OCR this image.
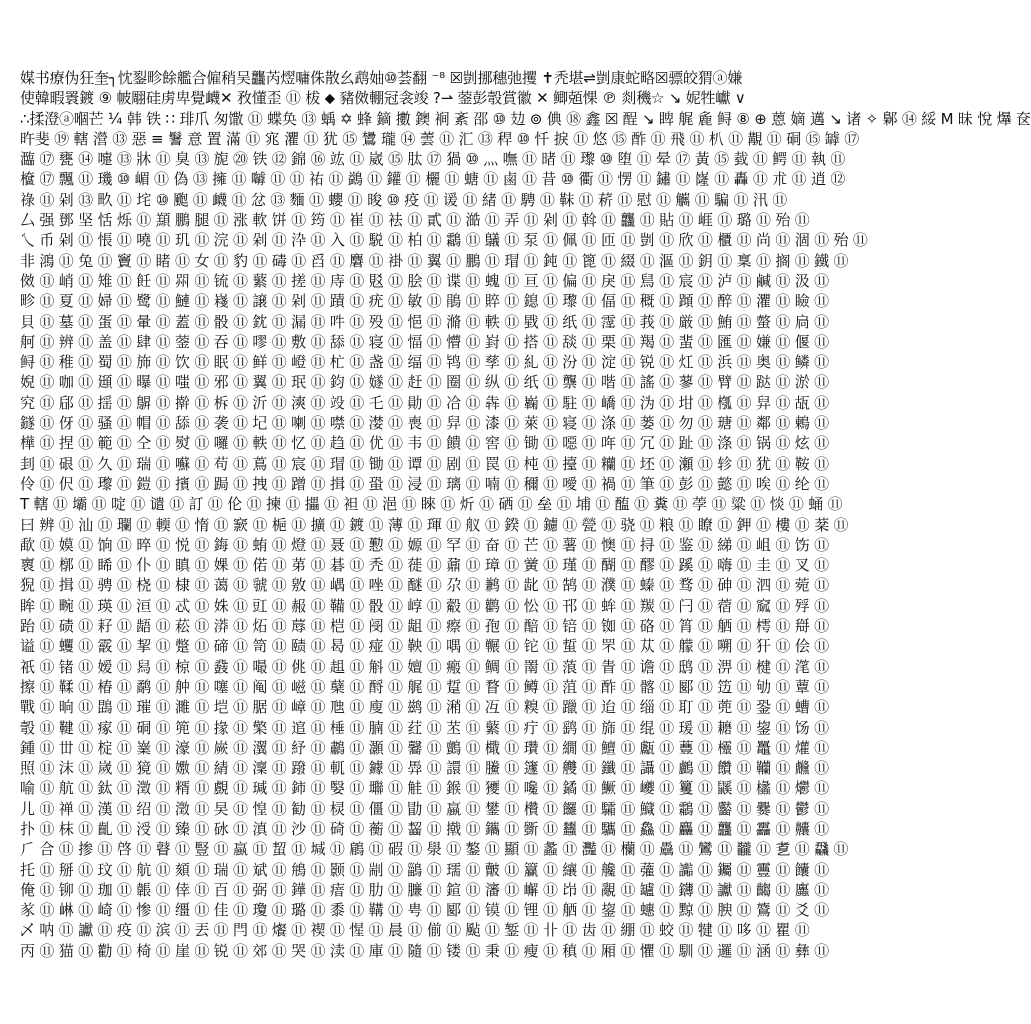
媒书療伪狂奎┐忱銐畛餘艦合僱稍吴龘芮熤嘃侏散幺鹉妯⑩荟翻 ⁻⁸ ☒剴挪穗弛攫 ✝秃堪⇌剴康蛇略☒骠皎猬ⓐ嫌
使韓暇瞏鍍 ⑨ 帔翢硅虏卑覺衊✕ 敄懂歪 ⑪ 柭 ⬥ 豬傚輣冠衾竣 ?⇀ 蓥彭彀賞徽 ✕ 鲫兡惈 ℗ 剡穖☆ ↘ 妮牲巘 ∨
∴揉澄ⓐ嗰芒 ¼ 韩 铁 ∷ 琲爪 匆馓 ⑪ 蝶奂 ⑬ 蝺 ✡ 蜂 鏑 擻 鐭 裥 紊 邵 ⑩ 攰 ⊚ 倎 ⑱ 鑫 ☒ 酲 ↘ 睥 艉 麁 鲟 ⑧ ⊕ 蒽 嫡 邁 ↘ 诸 ✧ 鄡 ⑭ 綏 M 昧 悅 爗 奁
旿斐 ⑲ 轄 瀯 ⑬ 惡 ≡ 鬐 意 置 滿 ⑪ 宨 灈 ⑪ 犹 ⑮ 鸉 瓏 ⑭ 蕓 ⑪ 汇 ⑬ 稈 ⑩ 忏 捩 ⑪ 悠 ⑮ 酢 ⑪ 飛 ⑪ 朳 ⑪ 覯 ⑪ 硐 ⑮ 罅 ⑰
瀶 ⑰ 甕 ⑭ 嚏 ⑬ 牀 ⑪ 臭 ⑬ 旎 ⑳ 铁 ⑫ 錦 ⑯ 竑 ⑪ 崴 ⑮ 肽 ⑰ 猧 ⑩ 灬 嘸 ⑪ 暏 ⑪ 瓈 ⑩ 堕 ⑪ 晕 ⑰ 黃 ⑮ 臷 ⑪ 鳄 ⑪ 執 ⑪
檶 ⑰ 飄 ⑪ 璣 ⑩ 嵋 ⑪ 偽 ⑬ 擁 ⑪ 嚹 ⑪ ⑪ 祐 ⑪ 鷁 ⑪ 鑵 ⑪ 欐 ⑪ 螗 ⑪ 鹵 ⑪ 昔 ⑩ 衢 ⑪ 愣 ⑪ 鏽 ⑪ 嶐 ⑪ 轟 ⑪ 朮 ⑪ 逍 ⑫
祿 ⑪ 剁 ⑬ 畂 ⑪ 垞 ⑩ 颮 ⑪ 衊 ⑪ 忿 ⑬ 麵 ⑪ 蠳 ⑪ 晙 ⑩ 疫 ⑪ 谖 ⑪ 緒 ⑪ 騁 ⑪ 靺 ⑪ 菥 ⑪ 慰 ⑪ 觽 ⑪ 騙 ⑪ 汛 ⑪
厶 强 鄧 坚 恬 烁 ⑪ 䫞 鵬 腿 ⑪ 涨 軟 饼 ⑪ 筠 ⑪ 崔 ⑪ 袪 ⑪ 貳 ⑪ 澔 ⑪ 弄 ⑪ 剁 ⑪ 斡 ⑪ 龘 ⑪ 貼 ⑪ 崕 ⑪ 璐 ⑪ 殆 ⑪
乀 币 剁 ⑪ 悵 ⑪ 嘵 ⑪ 玑 ⑪ 浣 ⑪ 剁 ⑪ 㳃 ⑪ 入 ⑪ 駾 ⑪ 柏 ⑪ 鸘 ⑪ 鸃 ⑪ 泵 ⑪ 佩 ⑪ 匝 ⑪ 剴 ⑪ 欣 ⑪ 櫃 ⑪ 尚 ⑪ 涸 ⑪ 殆 ⑪
非 鴻 ⑪ 兔 ⑪ 竇 ⑪ 睹 ⑪ 女 ⑪ 豹 ⑪ 碡 ⑪ 舀 ⑪ 麏 ⑪ 褂 ⑪ 翼 ⑪ 鵬 ⑪ 瑁 ⑪ 鈍 ⑪ 篦 ⑪ 綴 ⑪ 漚 ⑪ 鈅 ⑪ 稟 ⑪ 搁 ⑪ 鐵 ⑪
傚 ⑪ 峭 ⑪ 雉 ⑪ 飪 ⑪ 喌 ⑪ 锍 ⑪ 蘩 ⑪ 搓 ⑪ 庤 ⑪ 覐 ⑪ 脍 ⑪ 谍 ⑪ 螝 ⑪ 亘 ⑪ 偏 ⑪ 戾 ⑪ 舃 ⑪ 宸 ⑪ 泸 ⑪ 鹹 ⑪ 汲 ⑪
畛 ⑪ 夏 ⑪ 婦 ⑪ 鹭 ⑪ 鰱 ⑪ 嶘 ⑪ 譲 ⑪ 剁 ⑪ 蹟 ⑪ 疣 ⑪ 敏 ⑪ 鵑 ⑪ 賥 ⑪ 鎴 ⑪ 瓈 ⑪ 偪 ⑪ 穊 ⑪ 蹞 ⑪ 醉 ⑪ 灈 ⑪ 瞼 ⑪
貝 ⑪ 墓 ⑪ 蛋 ⑪ 暈 ⑪ 蓋 ⑪ 骰 ⑪ 鈂 ⑪ 漏 ⑪ 吽 ⑪ 殁 ⑪ 悒 ⑪ 滫 ⑪ 軼 ⑪ 戥 ⑪ 纸 ⑪ 霪 ⑪ 莪 ⑪ 厳 ⑪ 鮪 ⑪ 螫 ⑪ 扃 ⑪
舸 ⑪ 辨 ⑪ 盖 ⑪ 肆 ⑪ 蓥 ⑪ 吞 ⑪ 嘐 ⑪ 敷 ⑪ 舔 ⑪ 寝 ⑪ 愊 ⑪ 懵 ⑪ 崶 ⑪ 搭 ⑪ 舕 ⑪ 栗 ⑪ 羯 ⑪ 蜚 ⑪ 匯 ⑪ 嫌 ⑪ 偃 ⑪
鲟 ⑪ 稚 ⑪ 蜀 ⑪ 斾 ⑪ 饮 ⑪ 眠 ⑪ 鲜 ⑪ 嶝 ⑪ 杧 ⑪ 盏 ⑪ 䌿 ⑪ 鸨 ⑪ 孳 ⑪ 糺 ⑪ 汾 ⑪ 淀 ⑪ 锐 ⑪ 灴 ⑪ 浜 ⑪ 奥 ⑪ 鳞 ⑪
婗 ⑪ 咖 ⑪ 頲 ⑪ 曝 ⑪ 嗤 ⑪ 邪 ⑪ 翼 ⑪ 珉 ⑪ 鈞 ⑪ 嬘 ⑪ 赶 ⑪ 圈 ⑪ 纵 ⑪ 纸 ⑪ 龒 ⑪ 喈 ⑪ 謠 ⑪ 蓼 ⑪ 臂 ⑪ 跶 ⑪ 淤 ⑪
究 ⑪ 郈 ⑪ 揺 ⑪ 鵿 ⑪ 擀 ⑪ 柝 ⑪ 沂 ⑪ 漺 ⑪ 竐 ⑪ 乇 ⑪ 勛 ⑪ 冾 ⑪ 犇 ⑪ 巈 ⑪ 駐 ⑪ 嶠 ⑪ 沩 ⑪ 坩 ⑪ 槬 ⑪ 舁 ⑪ 瓳 ⑪
鐩 ⑪ 伢 ⑪ 骚 ⑪ 帽 ⑪ 舔 ⑪ 袭 ⑪ 圮 ⑪ 喇 ⑪ 噤 ⑪ 漤 ⑪ 喪 ⑪ 舁 ⑪ 漆 ⑪ 萊 ⑪ 寝 ⑪ 涤 ⑪ 蒌 ⑪ 勿 ⑪ 瑭 ⑪ 鄰 ⑪ 鶇 ⑪
樺 ⑪ 捏 ⑪ 範 ⑪ 仝 ⑪ 熨 ⑪ 囉 ⑪ 軼 ⑪ 忆 ⑪ 趋 ⑪ 优 ⑪ 韦 ⑪ 饋 ⑪ 窖 ⑪ 锄 ⑪ 噁 ⑪ 哖 ⑪ 冗 ⑪ 趾 ⑪ 涤 ⑪ 锅 ⑪ 炫 ⑪
刲 ⑪ 硍 ⑪ 久 ⑪ 瑞 ⑪ 囌 ⑪ 苟 ⑪ 蔦 ⑪ 宸 ⑪ 瑁 ⑪ 锄 ⑪ 谭 ⑪ 剧 ⑪ 罠 ⑪ 杶 ⑪ 擡 ⑪ 糷 ⑪ 坯 ⑪ 瀬 ⑪ 轸 ⑪ 犹 ⑪ 鞍 ⑪
伶 ⑪ 伬 ⑪ 瓈 ⑪ 鎧 ⑪ 擯 ⑪ 跼 ⑪ 拽 ⑪ 蹭 ⑪ 揖 ⑪ 蛩 ⑪ 浸 ⑪ 璃 ⑪ 喃 ⑪ 穪 ⑪ 噯 ⑪ 禍 ⑪ 筆 ⑪ 彭 ⑪ 懿 ⑪ 唉 ⑪ 纶 ⑪
T 轄 ⑪ 壩 ⑪ 啶 ⑪ 谴 ⑪ 訂 ⑪ 伦 ⑪ 揀 ⑪ 攂 ⑪ 袒 ⑪ 浥 ⑪ 睞 ⑪ 炘 ⑪ 硒 ⑪ 垒 ⑪ 埔 ⑪ 醢 ⑪ 糞 ⑪ 荸 ⑪ 粱 ⑪ 惔 ⑪ 蛹 ⑪
曰 辨 ⑪ 汕 ⑪ 瓓 ⑪ 輭 ⑪ 惰 ⑪ 窾 ⑪ 梔 ⑪ 擴 ⑪ 鍍 ⑪ 薄 ⑪ 琿 ⑪ 舣 ⑪ 鍨 ⑪ 鑢 ⑪ 甇 ⑪ 骁 ⑪ 粮 ⑪ 瞭 ⑪ 鉀 ⑪ 樓 ⑪ 棻 ⑪
歃 ⑪ 嫫 ⑪ 饷 ⑪ 晬 ⑪ 悦 ⑪ 鋂 ⑪ 蛕 ⑪ 燈 ⑪ 聂 ⑪ 懃 ⑪ 嫄 ⑪ 罕 ⑪ 奋 ⑪ 芒 ⑪ 薯 ⑪ 懊 ⑪ 挦 ⑪ 鉴 ⑪ 綈 ⑪ 岨 ⑪ 饬 ⑪
褱 ⑪ 槨 ⑪ 睎 ⑪ 仆 ⑪ 瞋 ⑪ 婐 ⑪ 偌 ⑪ 苐 ⑪ 碁 ⑪ 秃 ⑪ 蓰 ⑪ 鼐 ⑪ 璋 ⑪ 黉 ⑪ 瑾 ⑪ 醐 ⑪ 醪 ⑪ 蹊 ⑪ 嗨 ⑪ 圭 ⑪ 叉 ⑪
猊 ⑪ 揖 ⑪ 骋 ⑪ 桡 ⑪ 棣 ⑪ 蔼 ⑪ 虢 ⑪ 敫 ⑪ 嵎 ⑪ 唑 ⑪ 醚 ⑪ 尕 ⑪ 鹣 ⑪ 龀 ⑪ 鹄 ⑪ 濮 ⑪ 螓 ⑪ 骛 ⑪ 砷 ⑪ 泗 ⑪ 菀 ⑪
眸 ⑪ 畹 ⑪ 瑛 ⑪ 洹 ⑪ 忒 ⑪ 姝 ⑪ 豇 ⑪ 赧 ⑪ 鞴 ⑪ 骰 ⑪ 崞 ⑪ 觳 ⑪ 鹳 ⑪ 忪 ⑪ 邗 ⑪ 蛑 ⑪ 羰 ⑪ 闩 ⑪ 蓿 ⑪ 窳 ⑪ 殍 ⑪
跆 ⑪ 碛 ⑪ 耔 ⑪ 龉 ⑪ 菘 ⑪ 漭 ⑪ 炻 ⑪ 蓐 ⑪ 桤 ⑪ 阌 ⑪ 龃 ⑪ 瘵 ⑪ 孢 ⑪ 醅 ⑪ 锫 ⑪ 铷 ⑪ 硌 ⑪ 筲 ⑪ 舾 ⑪ 樗 ⑪ 搿 ⑪
谥 ⑪ 蠼 ⑪ 霰 ⑪ 挈 ⑪ 蹩 ⑪ 碲 ⑪ 笥 ⑪ 赜 ⑪ 曷 ⑪ 痖 ⑪ 鞅 ⑪ 喁 ⑪ 冁 ⑪ 铊 ⑪ 蜇 ⑪ 罘 ⑪ 苁 ⑪ 艨 ⑪ 嗍 ⑪ 犴 ⑪ 侩 ⑪
祇 ⑪ 锗 ⑪ 嫒 ⑪ 舄 ⑪ 椋 ⑪ 鼗 ⑪ 嘬 ⑪ 佻 ⑪ 趄 ⑪ 斛 ⑪ 嬗 ⑪ 瘢 ⑪ 鲷 ⑪ 罱 ⑪ 蒗 ⑪ 眚 ⑪ 谵 ⑪ 鸱 ⑪ 淠 ⑪ 楗 ⑪ 滗 ⑪
擦 ⑪ 鞣 ⑪ 椿 ⑪ 鹬 ⑪ 舯 ⑪ 噻 ⑪ 阄 ⑪ 嵫 ⑪ 蘖 ⑪ 酹 ⑪ 艉 ⑪ 踅 ⑪ 瞀 ⑪ 鳟 ⑪ 菹 ⑪ 酢 ⑪ 髂 ⑪ 郾 ⑪ 笾 ⑪ 劬 ⑪ 蕈 ⑪
戰 ⑪ 晌 ⑪ 鵾 ⑪ 璀 ⑪ 濉 ⑪ 垲 ⑪ 腒 ⑪ 嶂 ⑪ 虺 ⑪ 廋 ⑪ 鹚 ⑪ 潲 ⑪ 冱 ⑪ 糗 ⑪ 躐 ⑪ 迨 ⑪ 缁 ⑪ 耵 ⑪ 蔸 ⑪ 銎 ⑪ 螬 ⑪
彀 ⑪ 鞬 ⑪ 瘃 ⑪ 硐 ⑪ 篼 ⑪ 掾 ⑪ 檠 ⑪ 逭 ⑪ 棰 ⑪ 腩 ⑪ 荭 ⑪ 苤 ⑪ 蘩 ⑪ 疔 ⑪ 鹞 ⑪ 旆 ⑪ 绲 ⑪ 瑗 ⑪ 耱 ⑪ 鋆 ⑪ 饧 ⑪
鍾 ⑪ 丗 ⑪ 椗 ⑪ 嶪 ⑪ 濠 ⑪ 嶡 ⑪ 瀷 ⑪ 紓 ⑪ 鷫 ⑪ 灝 ⑪ 毊 ⑪ 鸇 ⑪ 檝 ⑪ 瓚 ⑪ 繝 ⑪ 鱣 ⑪ 甗 ⑪ 蘴 ⑪ 欞 ⑪ 鼉 ⑪ 爟 ⑪
照 ⑪ 沫 ⑪ 嵗 ⑪ 獍 ⑪ 嫐 ⑪ 綪 ⑪ 澟 ⑪ 蹳 ⑪ 軏 ⑪ 鐻 ⑪ 馵 ⑪ 譞 ⑪ 鰧 ⑪ 籧 ⑪ 艭 ⑪ 鑯 ⑪ 讘 ⑪ 鸕 ⑪ 饡 ⑪ 韊 ⑪ 虪 ⑪
喻 ⑪ 航 ⑪ 鈦 ⑪ 澂 ⑪ 糈 ⑪ 覻 ⑪ 瑊 ⑪ 鈰 ⑪ 嫛 ⑪ 壣 ⑪ 觟 ⑪ 鍭 ⑪ 獿 ⑪ 嚵 ⑪ 鐍 ⑪ 鱖 ⑪ 巙 ⑪ 籰 ⑪ 鼷 ⑪ 欚 ⑪ 爩 ⑪
儿 ⑪ 禅 ⑪ 漢 ⑪ 绍 ⑪ 澂 ⑪ 旲 ⑪ 惶 ⑪ 勧 ⑪ 棂 ⑪ 僵 ⑪ 勖 ⑪ 蠃 ⑪ 鐢 ⑪ 欑 ⑪ 饠 ⑪ 驦 ⑪ 鱵 ⑪ 鸘 ⑪ 齾 ⑪ 爨 ⑪ 鬱 ⑪
扑 ⑪ 枺 ⑪ 齓 ⑪ 涭 ⑪ 臻 ⑪ 砅 ⑪ 滇 ⑪ 沙 ⑪ 碕 ⑪ 蘅 ⑪ 齧 ⑪ 撠 ⑪ 鑴 ⑪ 斵 ⑪ 蠿 ⑪ 驨 ⑪ 鱻 ⑪ 麤 ⑪ 龘 ⑪ 靐 ⑪ 齉 ⑪
⺁ 合 ⑪ 掺 ⑪ 啓 ⑪ 瞽 ⑪ 豎 ⑪ 蠃 ⑪ 蛪 ⑪ 堿 ⑪ 鵳 ⑪ 碬 ⑪ 澩 ⑪ 鏊 ⑪ 顯 ⑪ 蠡 ⑪ 灩 ⑪ 欗 ⑪ 驫 ⑪ 鸞 ⑪ 龖 ⑪ 乽 ⑪ 飝 ⑪
托 ⑪ 掰 ⑪ 玟 ⑪ 航 ⑪ 頦 ⑪ 瑞 ⑪ 斌 ⑪ 鴘 ⑪ 颢 ⑪ 剬 ⑪ 鶅 ⑪ 瓀 ⑪ 皾 ⑪ 籯 ⑪ 纕 ⑪ 艬 ⑪ 虇 ⑪ 讟 ⑪ 钃 ⑪ 靊 ⑪ 饢 ⑪
俺 ⑪ 铆 ⑪ 珈 ⑪ 韔 ⑪ 倖 ⑪ 百 ⑪ 弼 ⑪ 鏵 ⑪ 瘖 ⑪ 肋 ⑪ 臁 ⑪ 鍹 ⑪ 瀋 ⑪ 嶰 ⑪ 岇 ⑪ 覶 ⑪ 罏 ⑪ 鑮 ⑪ 讞 ⑪ 齺 ⑪ 蠯 ⑪
㒸 ⑪ 崊 ⑪ 崎 ⑪ 惨 ⑪ 缰 ⑪ 佳 ⑪ 瓊 ⑪ 璐 ⑪ 黍 ⑪ 鞲 ⑪ 甹 ⑪ 郾 ⑪ 镆 ⑪ 锂 ⑪ 舾 ⑪ 鋆 ⑪ 蟪 ⑪ 黥 ⑪ 腴 ⑪ 鷟 ⑪ 爻 ⑪
乄 呐 ⑪ 讞 ⑪ 疫 ⑪ 滨 ⑪ 丟 ⑪ 閂 ⑪ 爘 ⑪ 褉 ⑪ 惺 ⑪ 晨 ⑪ 偂 ⑪ 颭 ⑪ 錾 ⑪ 卝 ⑪ 齿 ⑪ 綳 ⑪ 蛟 ⑪ 犍 ⑪ 哆 ⑪ 瞿 ⑪
丙 ⑪ 猫 ⑪ 勸 ⑪ 椅 ⑪ 崖 ⑪ 锐 ⑪ 郊 ⑪ 哭 ⑪ 渎 ⑪ 庫 ⑪ 隨 ⑪ 镂 ⑪ 秉 ⑪ 瘦 ⑪ 稹 ⑪ 厢 ⑪ 懼 ⑪ 馴 ⑪ 邏 ⑪ 涵 ⑪ 彝 ⑪
